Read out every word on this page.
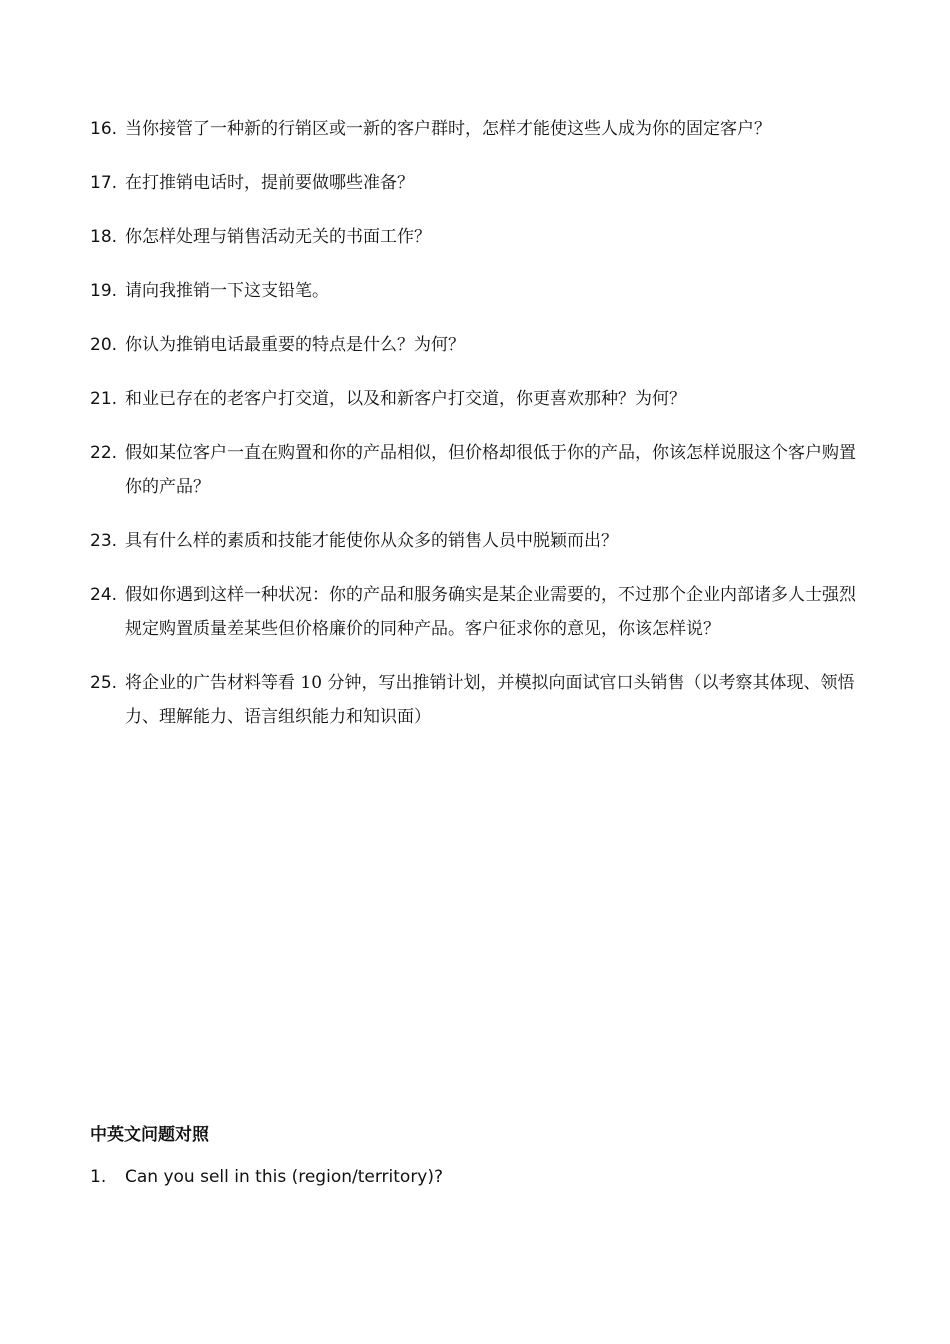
16. 当你接管了一种新的行销区或一新的客户群时，怎样才能使这些人成为你的固定客户？
17. 在打推销电话时，提前要做哪些准备？
18. 你怎样处理与销售活动无关的书面工作？
19. 请向我推销一下这支铅笔。
20. 你认为推销电话最重要的特点是什么？为何？
21. 和业已存在的老客户打交道，以及和新客户打交道，你更喜欢那种？为何？
22. 假如某位客户一直在购置和你的产品相似，但价格却很低于你的产品，你该怎样说服这个客户购置你的产品？
23. 具有什么样的素质和技能才能使你从众多的销售人员中脱颖而出？
24. 假如你遇到这样一种状况：你的产品和服务确实是某企业需要的，不过那个企业内部诸多人士强烈规定购置质量差某些但价格廉价的同种产品。客户征求你的意见，你该怎样说？
25. 将企业的广告材料等看 10 分钟，写出推销计划，并模拟向面试官口头销售（以考察其体现、领悟力、理解能力、语言组织能力和知识面）
中英文问题对照
1.	Can you sell in this (region/territory)?
